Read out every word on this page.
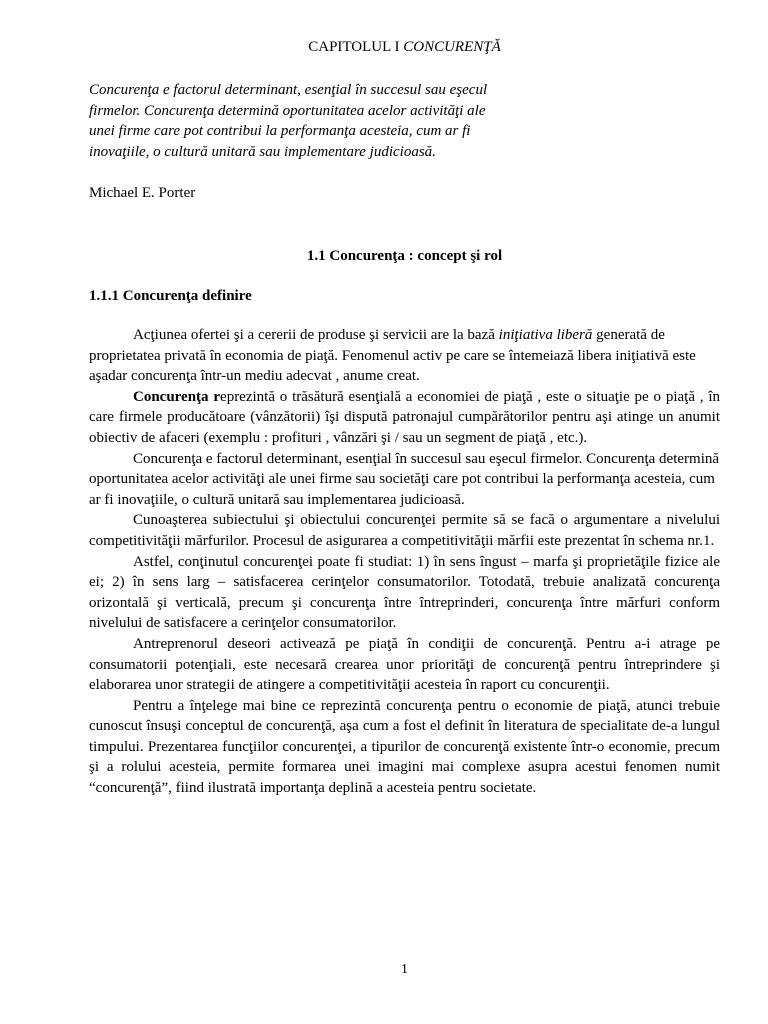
CAPITOLUL I CONCURENŢĂ
Concurenţa e factorul determinant, esenţial în succesul sau eşecul firmelor. Concurenţa determină oportunitatea acelor activităţi ale unei firme care pot contribui la performanţa acesteia, cum ar fi inovaţiile, o cultură unitară sau implementare judicioasă.
Michael E. Porter
1.1 Concurenţa : concept şi rol
1.1.1 Concurenţa definire

Acţiunea ofertei şi a cererii de produse şi servicii are la bază iniţiativa liberă generată de proprietatea privată în economia de piaţă. Fenomenul activ pe care se întemeiază libera iniţiativă este aşadar concurenţa într-un mediu adecvat , anume creat.

Concurenţa reprezintă o trăsătură esenţială a economiei de piaţă , este o situaţie pe o piaţă , în care firmele producătoare (vânzătorii) îşi dispută patronajul cumpărătorilor pentru aşi atinge un anumit obiectiv de afaceri (exemplu : profituri , vânzări şi / sau un segment de piaţă , etc.).

Concurenţa e factorul determinant, esenţial în succesul sau eşecul firmelor. Concurenţa determină oportunitatea acelor activităţi ale unei firme sau societăţi care pot contribui la performanţa acesteia, cum ar fi inovaţiile, o cultură unitară sau implementarea judicioasă.

Cunoaşterea subiectului şi obiectului concurenţei permite să se facă o argumentare a nivelului competitivităţii mărfurilor. Procesul de asigurarea a competitivităţii mărfii este prezentat în schema nr.1.

Astfel, conţinutul concurenţei poate fi studiat: 1) în sens îngust – marfa şi proprietăţile fizice ale ei; 2) în sens larg – satisfacerea cerinţelor consumatorilor. Totodată, trebuie analizată concurenţa orizontală şi verticală, precum şi concurenţa între întreprinderi, concurenţa între mărfuri conform nivelului de satisfacere a cerinţelor consumatorilor.

Antreprenorul deseori activează pe piaţă în condiţii de concurenţă. Pentru a-i atrage pe consumatorii potenţiali, este necesară crearea unor priorităţi de concurenţă pentru întreprindere şi elaborarea unor strategii de atingere a competitivităţii acesteia în raport cu concurenţii.

Pentru a înţelege mai bine ce reprezintă concurenţa pentru o economie de piaţă, atunci trebuie cunoscut însuşi conceptul de concurenţă, aşa cum a fost el definit în literatura de specialitate de-a lungul timpului. Prezentarea funcţiilor concurenţei, a tipurilor de concurenţă existente într-o economie, precum şi a rolului acesteia, permite formarea unei imagini mai complexe asupra acestui fenomen numit “concurenţă”, fiind ilustrată importanţa deplină a acesteia pentru societate.

1
